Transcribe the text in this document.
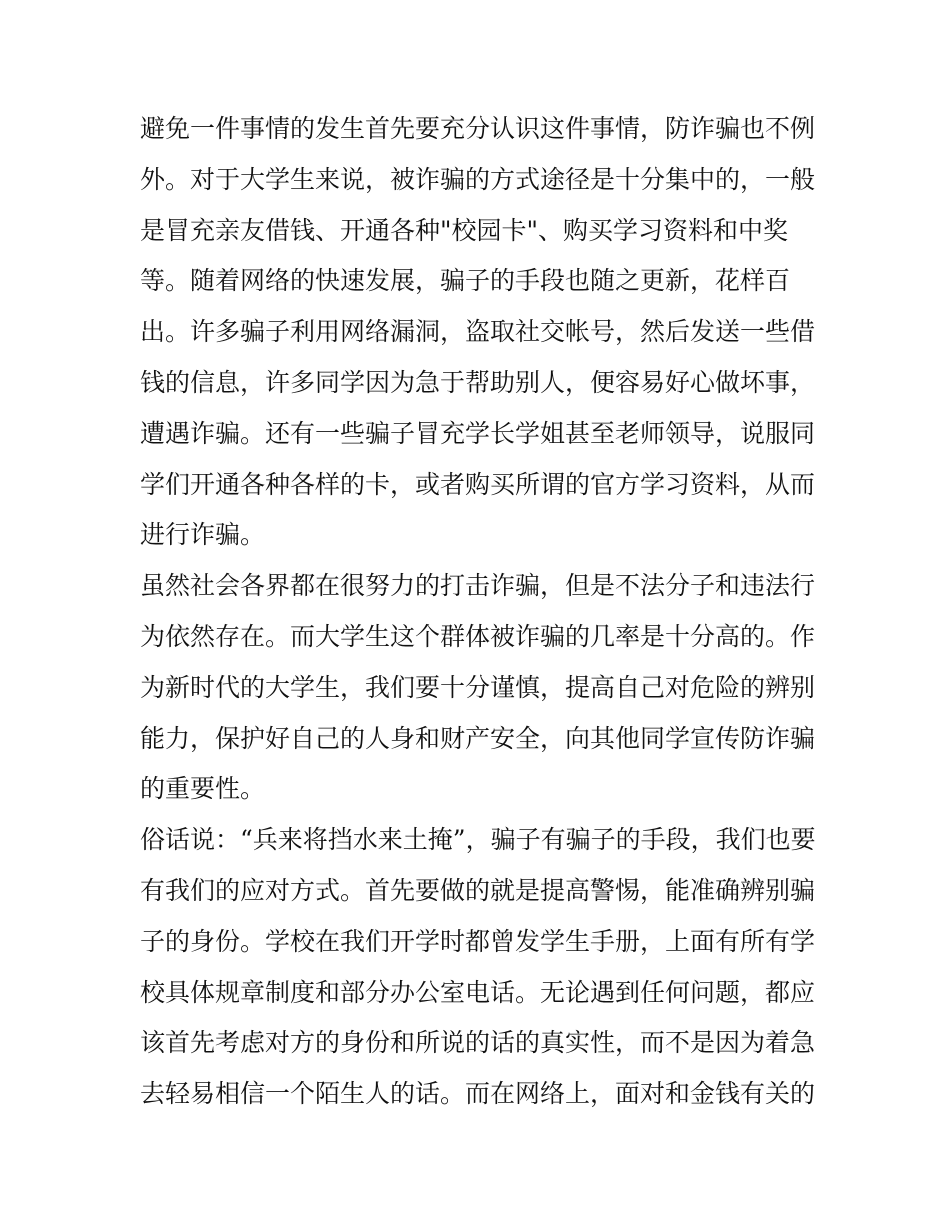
避免一件事情的发生首先要充分认识这件事情，防诈骗也不例
外。对于大学生来说，被诈骗的方式途径是十分集中的，一般
是冒充亲友借钱、开通各种"校园卡"、购买学习资料和中奖
等。随着网络的快速发展，骗子的手段也随之更新，花样百
出。许多骗子利用网络漏洞，盗取社交帐号，然后发送一些借
钱的信息，许多同学因为急于帮助别人，便容易好心做坏事，
遭遇诈骗。还有一些骗子冒充学长学姐甚至老师领导，说服同
学们开通各种各样的卡，或者购买所谓的官方学习资料，从而
进行诈骗。
虽然社会各界都在很努力的打击诈骗，但是不法分子和违法行
为依然存在。而大学生这个群体被诈骗的几率是十分高的。作
为新时代的大学生，我们要十分谨慎，提高自己对危险的辨别
能力，保护好自己的人身和财产安全，向其他同学宣传防诈骗
的重要性。
俗话说：“兵来将挡水来土掩”，骗子有骗子的手段，我们也要
有我们的应对方式。首先要做的就是提高警惕，能准确辨别骗
子的身份。学校在我们开学时都曾发学生手册，上面有所有学
校具体规章制度和部分办公室电话。无论遇到任何问题，都应
该首先考虑对方的身份和所说的话的真实性，而不是因为着急
去轻易相信一个陌生人的话。而在网络上，面对和金钱有关的
